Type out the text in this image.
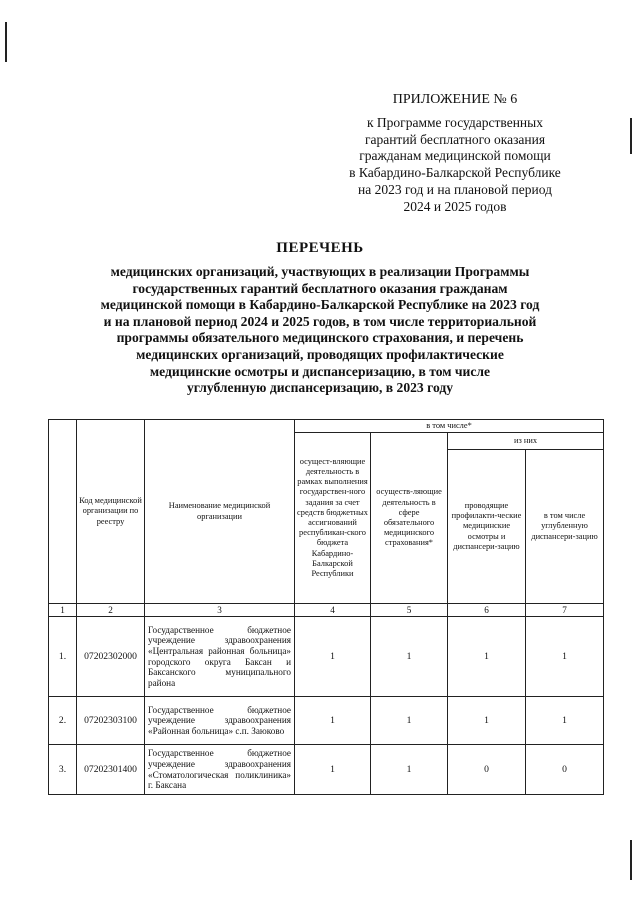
ПРИЛОЖЕНИЕ № 6
к Программе государственных
гарантий бесплатного оказания
гражданам медицинской помощи
в Кабардино-Балкарской Республике
на 2023 год и на плановой период
2024 и 2025 годов
ПЕРЕЧЕНЬ
медицинских организаций, участвующих в реализации Программы
государственных гарантий бесплатного оказания гражданам
медицинской помощи в Кабардино-Балкарской Республике на 2023 год
и на плановой период 2024 и 2025 годов, в том числе территориальной
программы обязательного медицинского страхования, и перечень
медицинских организаций, проводящих профилактические
медицинские осмотры и диспансеризацию, в том числе
углубленную диспансеризацию, в 2023 году
	Код медицинской организации по реестру	Наименование медицинской организации	в том числе*			
			осущест-вляющие деятельность в рамках выполнения государствен-ного задания за счет средств бюджетных ассигнований республикан-ского бюджета Кабардино-Балкарской Республики	осуществ-ляющие деятельность в сфере обязательного медицинского страхования*	из них	
					проводящие профилакти-ческие медицинские осмотры и диспансери-зацию	в том числе углубленную диспансери-зацию
1	2	3	4	5	6	7
1.	07202302000	Государственное бюджетное учреждение здравоохранения «Центральная районная больница» городского округа Баксан и Баксанского муниципального района	1	1	1	1
2.	07202303100	Государственное бюджетное учреждение здравоохранения «Районная больница» с.п. Заюково	1	1	1	1
3.	07202301400	Государственное бюджетное учреждение здравоохранения «Стоматологическая поликлиника» г. Баксана	1	1	0	0
